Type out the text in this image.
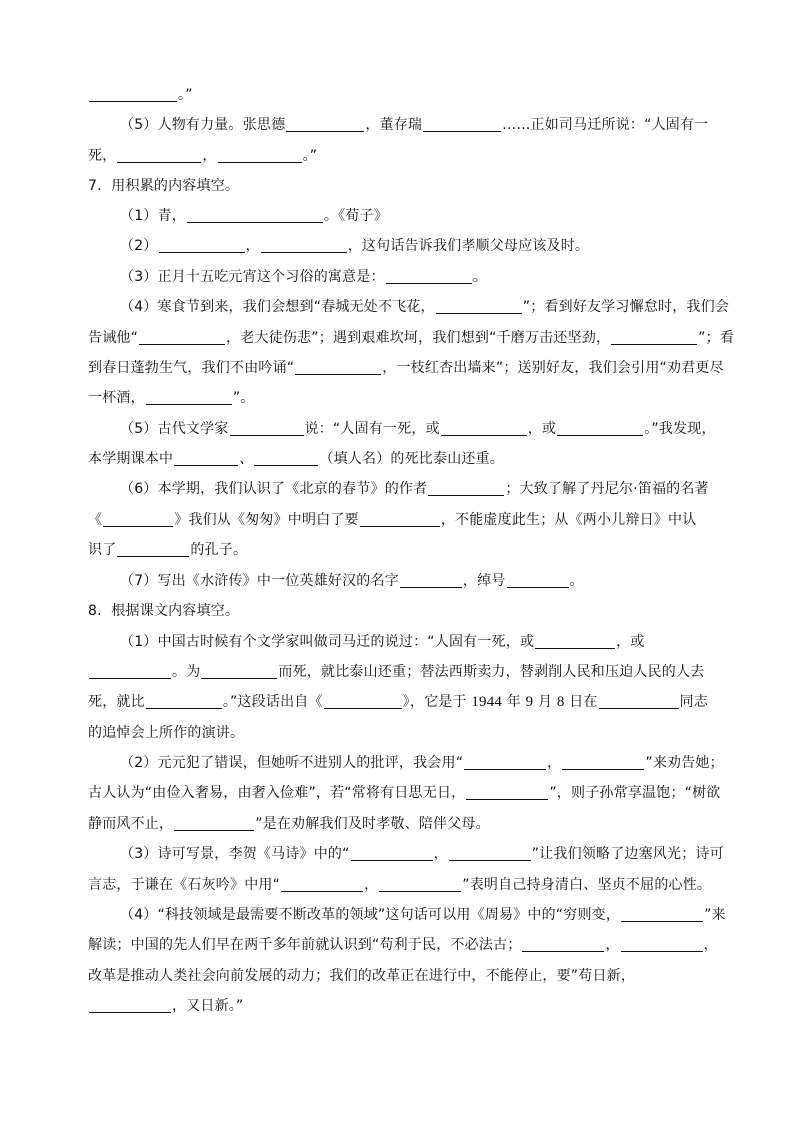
。”
（5）人物有力量。张思德	，董存瑞	……正如司马迁所说：“人固有一
死，	，	。”
7．用积累的内容填空。
（1）青，	。《荀子》
（2）	，	，这句话告诉我们孝顺父母应该及时。
（3）正月十五吃元宵这个习俗的寓意是：	。
（4）寒食节到来，我们会想到“春城无处不飞花，	”；看到好友学习懈怠时，我们会
告诫他“	，老大徒伤悲”；遇到艰难坎坷，我们想到“千磨万击还坚劲，	”；看
到春日蓬勃生气，我们不由吟诵“	，一枝红杏出墙来”；送别好友，我们会引用“劝君更尽
一杯酒，	”。
（5）古代文学家	说：“人固有一死，或	，或	。”我发现，
本学期课本中	、	（填人名）的死比泰山还重。
（6）本学期，我们认识了《北京的春节》的作者	；大致了解了丹尼尔·笛福的名著
《	》我们从《匆匆》中明白了要	，不能虚度此生；从《两小儿辩日》中认
识了	的孔子。
（7）写出《水浒传》中一位英雄好汉的名字	，绰号	。
8．根据课文内容填空。
（1）中国古时候有个文学家叫做司马迁的说过：“人固有一死，或	，或
。为	而死，就比泰山还重；替法西斯卖力，替剥削人民和压迫人民的人去
死，就比	。”这段话出自《	》，它是于 1944 年 9 月 8 日在	同志
的追悼会上所作的演讲。
（2）元元犯了错误，但她听不进别人的批评，我会用“	，	”来劝告她；
古人认为“由俭入奢易，由奢入俭难”，若“常将有日思无日，	”，则子孙常享温饱；“树欲
静而风不止，	”是在劝解我们及时孝敬、陪伴父母。
（3）诗可写景，李贺《马诗》中的“	，	”让我们领略了边塞风光；诗可
言志，于谦在《石灰吟》中用“	，	”表明自己持身清白、坚贞不屈的心性。
（4）“科技领域是最需要不断改革的领域”这句话可以用《周易》中的“穷则变，	”来
解读；中国的先人们早在两千多年前就认识到“苟利于民，不必法古；	，	，
改革是推动人类社会向前发展的动力；我们的改革正在进行中，不能停止，要”苟日新，
，又日新。”
